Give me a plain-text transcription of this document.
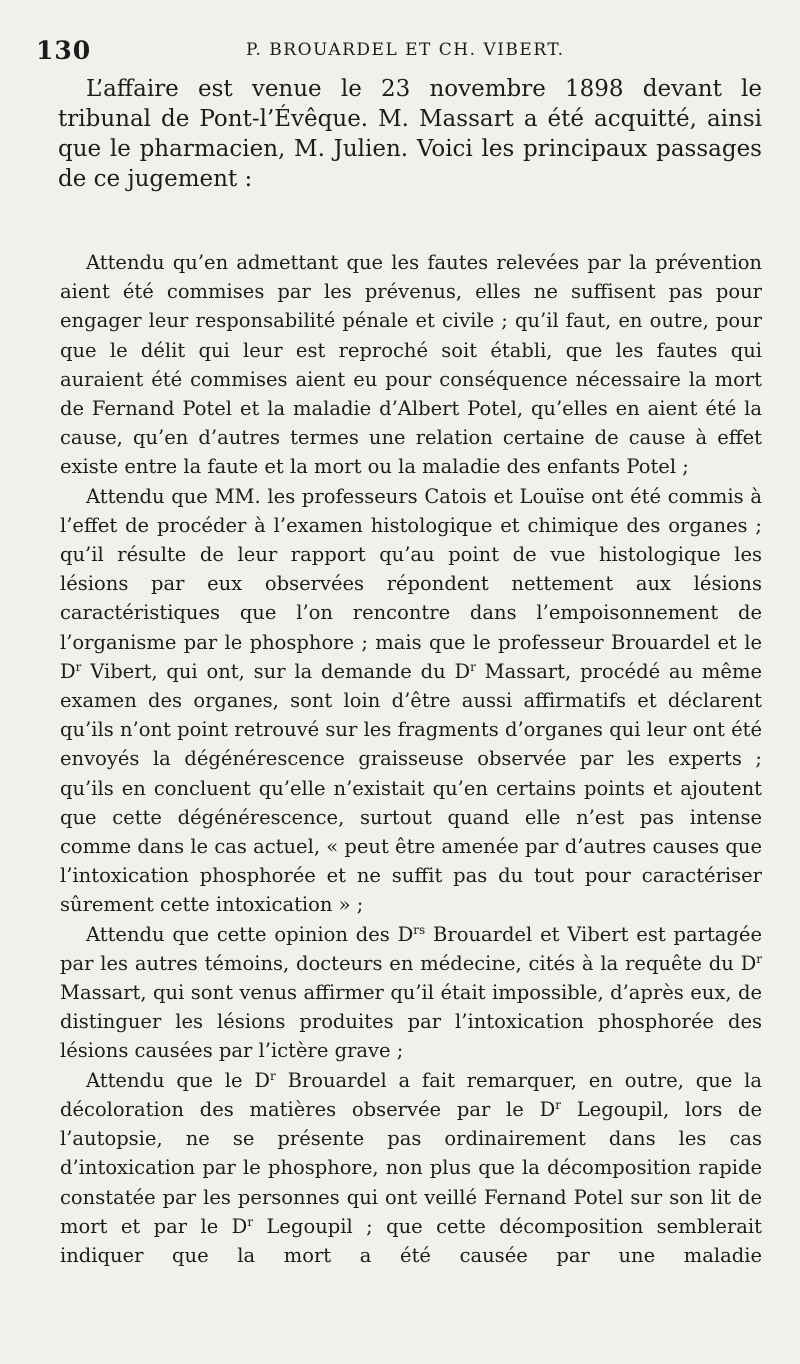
130	P. BROUARDEL ET CH. VIBERT.

L’affaire est venue le 23 novembre 1898 devant le tribunal de Pont-l’Évêque. M. Massart a été acquitté, ainsi que le pharmacien, M. Julien. Voici les principaux passages de ce jugement :

Attendu qu’en admettant que les fautes relevées par la prévention aient été commises par les prévenus, elles ne suffisent pas pour engager leur responsabilité pénale et civile ; qu’il faut, en outre, pour que le délit qui leur est reproché soit établi, que les fautes qui auraient été commises aient eu pour conséquence nécessaire la mort de Fernand Potel et la maladie d’Albert Potel, qu’elles en aient été la cause, qu’en d’autres termes une relation certaine de cause à effet existe entre la faute et la mort ou la maladie des enfants Potel ;

Attendu que MM. les professeurs Catois et Louïse ont été commis à l’effet de procéder à l’examen histologique et chimique des organes ; qu’il résulte de leur rapport qu’au point de vue histologique les lésions par eux observées répondent nettement aux lésions caractéristiques que l’on rencontre dans l’empoisonnement de l’organisme par le phosphore ; mais que le professeur Brouardel et le $D^r$ Vibert, qui ont, sur la demande du $D^r$ Massart, procédé au même examen des organes, sont loin d’être aussi affirmatifs et déclarent qu’ils n’ont point retrouvé sur les fragments d’organes qui leur ont été envoyés la dégénérescence graisseuse observée par les experts ; qu’ils en concluent qu’elle n’existait qu’en certains points et ajoutent que cette dégénérescence, surtout quand elle n’est pas intense comme dans le cas actuel, « peut être amenée par d’autres causes que l’intoxication phosphorée et ne suffit pas du tout pour caractériser sûrement cette intoxication » ;

Attendu que cette opinion des $D^{rs}$ Brouardel et Vibert est partagée par les autres témoins, docteurs en médecine, cités à la requête du $D^r$ Massart, qui sont venus affirmer qu’il était impossible, d’après eux, de distinguer les lésions produites par l’intoxication phosphorée des lésions causées par l’ictère grave ;

Attendu que le $D^r$ Brouardel a fait remarquer, en outre, que la décoloration des matières observée par le $D^r$ Legoupil, lors de l’autopsie, ne se présente pas ordinairement dans les cas d’intoxication par le phosphore, non plus que la décomposition rapide constatée par les personnes qui ont veillé Fernand Potel sur son lit de mort et par le $D^r$ Legoupil ; que cette décomposition semblerait indiquer que la mort a été causée par une maladie
